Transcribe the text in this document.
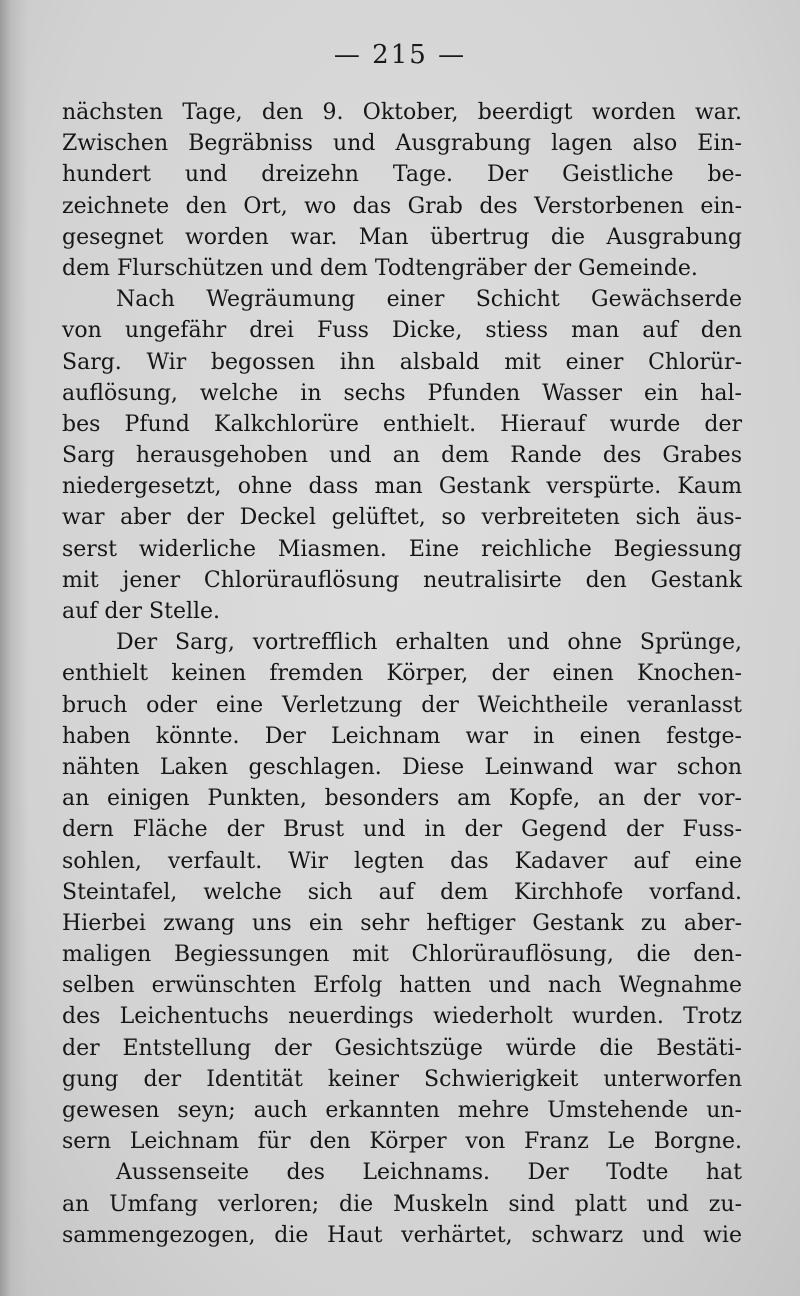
— 215 —
nächsten Tage, den 9. Oktober, beerdigt worden war.
Zwischen Begräbniss und Ausgrabung lagen also Ein-
hundert und dreizehn Tage. Der Geistliche be-
zeichnete den Ort, wo das Grab des Verstorbenen ein-
gesegnet worden war. Man übertrug die Ausgrabung
dem Flurschützen und dem Todtengräber der Gemeinde.
Nach Wegräumung einer Schicht Gewächserde
von ungefähr drei Fuss Dicke, stiess man auf den
Sarg. Wir begossen ihn alsbald mit einer Chlorür-
auflösung, welche in sechs Pfunden Wasser ein hal-
bes Pfund Kalkchlorüre enthielt. Hierauf wurde der
Sarg herausgehoben und an dem Rande des Grabes
niedergesetzt, ohne dass man Gestank verspürte. Kaum
war aber der Deckel gelüftet, so verbreiteten sich äus-
serst widerliche Miasmen. Eine reichliche Begiessung
mit jener Chlorürauflösung neutralisirte den Gestank
auf der Stelle.
Der Sarg, vortrefflich erhalten und ohne Sprünge,
enthielt keinen fremden Körper, der einen Knochen-
bruch oder eine Verletzung der Weichtheile veranlasst
haben könnte. Der Leichnam war in einen festge-
nähten Laken geschlagen. Diese Leinwand war schon
an einigen Punkten, besonders am Kopfe, an der vor-
dern Fläche der Brust und in der Gegend der Fuss-
sohlen, verfault. Wir legten das Kadaver auf eine
Steintafel, welche sich auf dem Kirchhofe vorfand.
Hierbei zwang uns ein sehr heftiger Gestank zu aber-
maligen Begiessungen mit Chlorürauflösung, die den-
selben erwünschten Erfolg hatten und nach Wegnahme
des Leichentuchs neuerdings wiederholt wurden. Trotz
der Entstellung der Gesichtszüge würde die Bestäti-
gung der Identität keiner Schwierigkeit unterworfen
gewesen seyn; auch erkannten mehre Umstehende un-
sern Leichnam für den Körper von Franz Le Borgne.
Aussenseite des Leichnams. Der Todte hat
an Umfang verloren; die Muskeln sind platt und zu-
sammengezogen, die Haut verhärtet, schwarz und wie
